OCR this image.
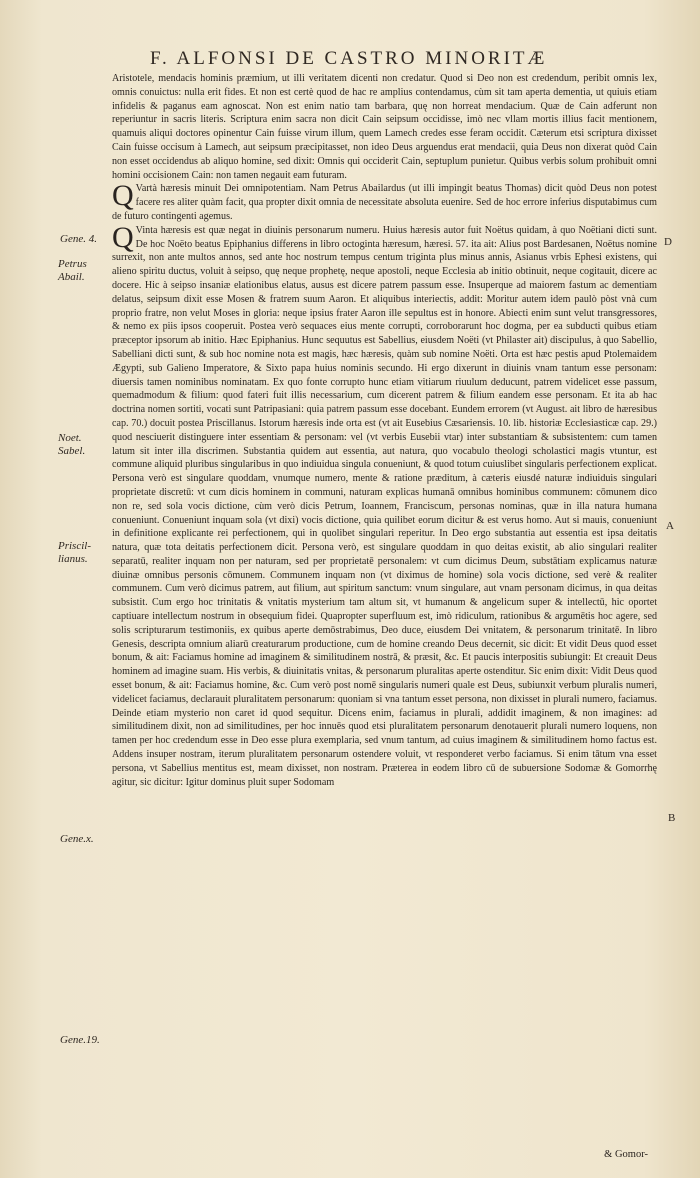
F. ALFONSI DE CASTRO MINORITÆ
Gene. 4.
Petrus
Abail.
Noet.
Sabel.
Priscil-
lianus.
Gene.x.
Gene.19.
D
A
B

Aristotele, mendacis hominis præmium, ut illi veritatem dicenti non credatur. Quod si Deo non est credendum, peribit omnis lex, omnis conuictus: nulla erit fides. Et non est certè quod de hac re amplius contendamus, cùm sit tam aperta dementia, ut quiuis etiam infidelis & paganus eam agnoscat. Non est enim natio tam barbara, quę non horreat mendacium. Quæ de Cain adferunt non reperiuntur in sacris literis. Scriptura enim sacra non dicit Cain seipsum occidisse, imò nec vllam mortis illius facit mentionem, quamuis aliqui doctores opinentur Cain fuisse virum illum, quem Lamech credes esse feram occidit. Cæterum etsi scriptura dixisset Cain fuisse occisum à Lamech, aut seipsum præcipitasset, non ideo Deus arguendus erat mendacii, quia Deus non dixerat quòd Cain non esset occidendus ab aliquo homine, sed dixit: Omnis qui occiderit Cain, septuplum punietur. Quibus verbis solum prohibuit omni homini occisionem Cain: non tamen negauit eam futuram.

Q Vartà hæresis minuit Dei omnipotentiam. Nam Petrus Abailardus (ut illi impingit beatus Thomas) dicit quòd Deus non potest facere res aliter quàm facit, qua propter dixit omnia de necessitate absoluta euenire. Sed de hoc errore inferius disputabimus cum de futuro contingenti agemus.

Q Vinta hæresis est quæ negat in diuinis personarum numeru. Huius hæresis autor fuit Noëtus quidam, à quo Noëtiani dicti sunt. De hoc Noëto beatus Epiphanius differens in libro octoginta hæresum, hæresi. 57. ita ait: Alius post Bardesanen, Noëtus nomine surrexit, non ante multos annos, sed ante hoc nostrum tempus centum triginta plus minus annis, Asianus vrbis Ephesi existens, qui alieno spiritu ductus, voluit à seipso, quę neque prophetę, neque apostoli, neque Ecclesia ab initio obtinuit, neque cogitauit, dicere ac docere. Hic à seipso insaniæ elationibus elatus, ausus est dicere patrem passum esse. Insuperque ad maiorem fastum ac dementiam delatus, seipsum dixit esse Mosen & fratrem suum Aaron. Et aliquibus interiectis, addit: Moritur autem idem paulò pòst vnà cum proprio fratre, non velut Moses in gloria: neque ipsius frater Aaron ille sepultus est in honore. Abiecti enim sunt velut transgressores, & nemo ex piis ipsos cooperuit. Postea verò sequaces eius mente corrupti, corroborarunt hoc dogma, per ea subducti quibus etiam præceptor ipsorum ab initio. Hæc Epiphanius. Hunc sequutus est Sabellius, eiusdem Noëti (vt Philaster ait) discipulus, à quo Sabellio, Sabelliani dicti sunt, & sub hoc nomine nota est magis, hæc hæresis, quàm sub nomine Noëti. Orta est hæc pestis apud Ptolemaidem Ægypti, sub Galieno Imperatore, & Sixto papa huius nominis secundo. Hi ergo dixerunt in diuinis vnam tantum esse personam: diuersis tamen nominibus nominatam. Ex quo fonte corrupto hunc etiam vitiarum riuulum deducunt, patrem videlicet esse passum, quemadmodum & filium: quod fateri fuit illis necessarium, cum dicerent patrem & filium eandem esse personam. Et ita ab hac doctrina nomen sortiti, vocati sunt Patripasiani: quia patrem passum esse docebant. Eundem errorem (vt August. ait libro de hæresibus cap. 70.) docuit postea Priscillanus. Istorum hæresis inde orta est (vt ait Eusebius Cæsariensis. 10. lib. historiæ Ecclesiasticæ cap. 29.) quod nesciuerit distinguere inter essentiam & personam: vel (vt verbis Eusebii vtar) inter substantiam & subsistentem: cum tamen latum sit inter illa discrimen. Substantia quidem aut essentia, aut natura, quo vocabulo theologi scholastici magis vtuntur, est commune aliquid pluribus singularibus in quo indiuidua singula conueniunt, & quod totum cuiuslibet singularis perfectionem explicat. Persona verò est singulare quoddam, vnumque numero, mente & ratione præditum, à cæteris eiusdé naturæ indiuiduis singulari proprietate discretū: vt cum dicis hominem in communi, naturam explicas humanā omnibus hominibus communem: cōmunem dico non re, sed sola vocis dictione, cùm verò dicis Petrum, Ioannem, Franciscum, personas nominas, quæ in illa natura humana conueniunt. Conueniunt inquam sola (vt dixi) vocis dictione, quia quilibet eorum dicitur & est verus homo. Aut si mauis, conueniunt in definitione explicante rei perfectionem, qui in quolibet singulari reperitur. In Deo ergo substantia aut essentia est ipsa deitatis natura, quæ tota deitatis perfectionem dicit. Persona verò, est singulare quoddam in quo deitas existit, ab alio singulari realiter separatū, realiter inquam non per naturam, sed per proprietatē personalem: vt cum dicimus Deum, substātiam explicamus naturæ diuinæ omnibus personis cōmunem. Communem inquam non (vt diximus de homine) sola vocis dictione, sed verè & realiter communem. Cum verò dicimus patrem, aut filium, aut spiritum sanctum: vnum singulare, aut vnam personam dicimus, in qua deitas subsistit. Cum ergo hoc trinitatis & vnitatis mysterium tam altum sit, vt humanum & angelicum super & intellectū, hic oportet captiuare intellectum nostrum in obsequium fidei. Quapropter superfluum est, imò ridiculum, rationibus & argumētis hoc agere, sed solis scripturarum testimoniis, ex quibus aperte demōstrabimus, Deo duce, eiusdem Dei vnitatem, & personarum trinitatē. In libro Genesis, descripta omnium aliarū creaturarum productione, cum de homine creando Deus decernit, sic dicit: Et vidit Deus quod esset bonum, & ait: Faciamus homine ad imaginem & similitudinem nostrā, & præsit, &c. Et paucis interpositis subiungit: Et creauit Deus hominem ad imagine suam. His verbis, & diuinitatis vnitas, & personarum pluralitas aperte ostenditur. Sic enim dixit: Vidit Deus quod esset bonum, & ait: Faciamus homine, &c. Cum verò post nomē singularis numeri quale est Deus, subiunxit verbum pluralis numeri, videlicet faciamus, declarauit pluralitatem personarum: quoniam si vna tantum esset persona, non dixisset in plurali numero, faciamus. Deinde etiam mysterio non caret id quod sequitur. Dicens enim, faciamus in plurali, addidit imaginem, & non imagines: ad similitudinem dixit, non ad similitudines, per hoc innuēs quod etsi pluralitatem personarum denotauerit plurali numero loquens, non tamen per hoc credendum esse in Deo esse plura exemplaria, sed vnum tantum, ad cuius imaginem & similitudinem homo factus est. Addens insuper nostram, iterum pluralitatem personarum ostendere voluit, vt responderet verbo faciamus. Si enim tātum vna esset persona, vt Sabellius mentitus est, meam dixisset, non nostram. Præterea in eodem libro cū de subuersione Sodomæ & Gomorrhę agitur, sic dicitur: Igitur dominus pluit super Sodomam

& Gomor-
